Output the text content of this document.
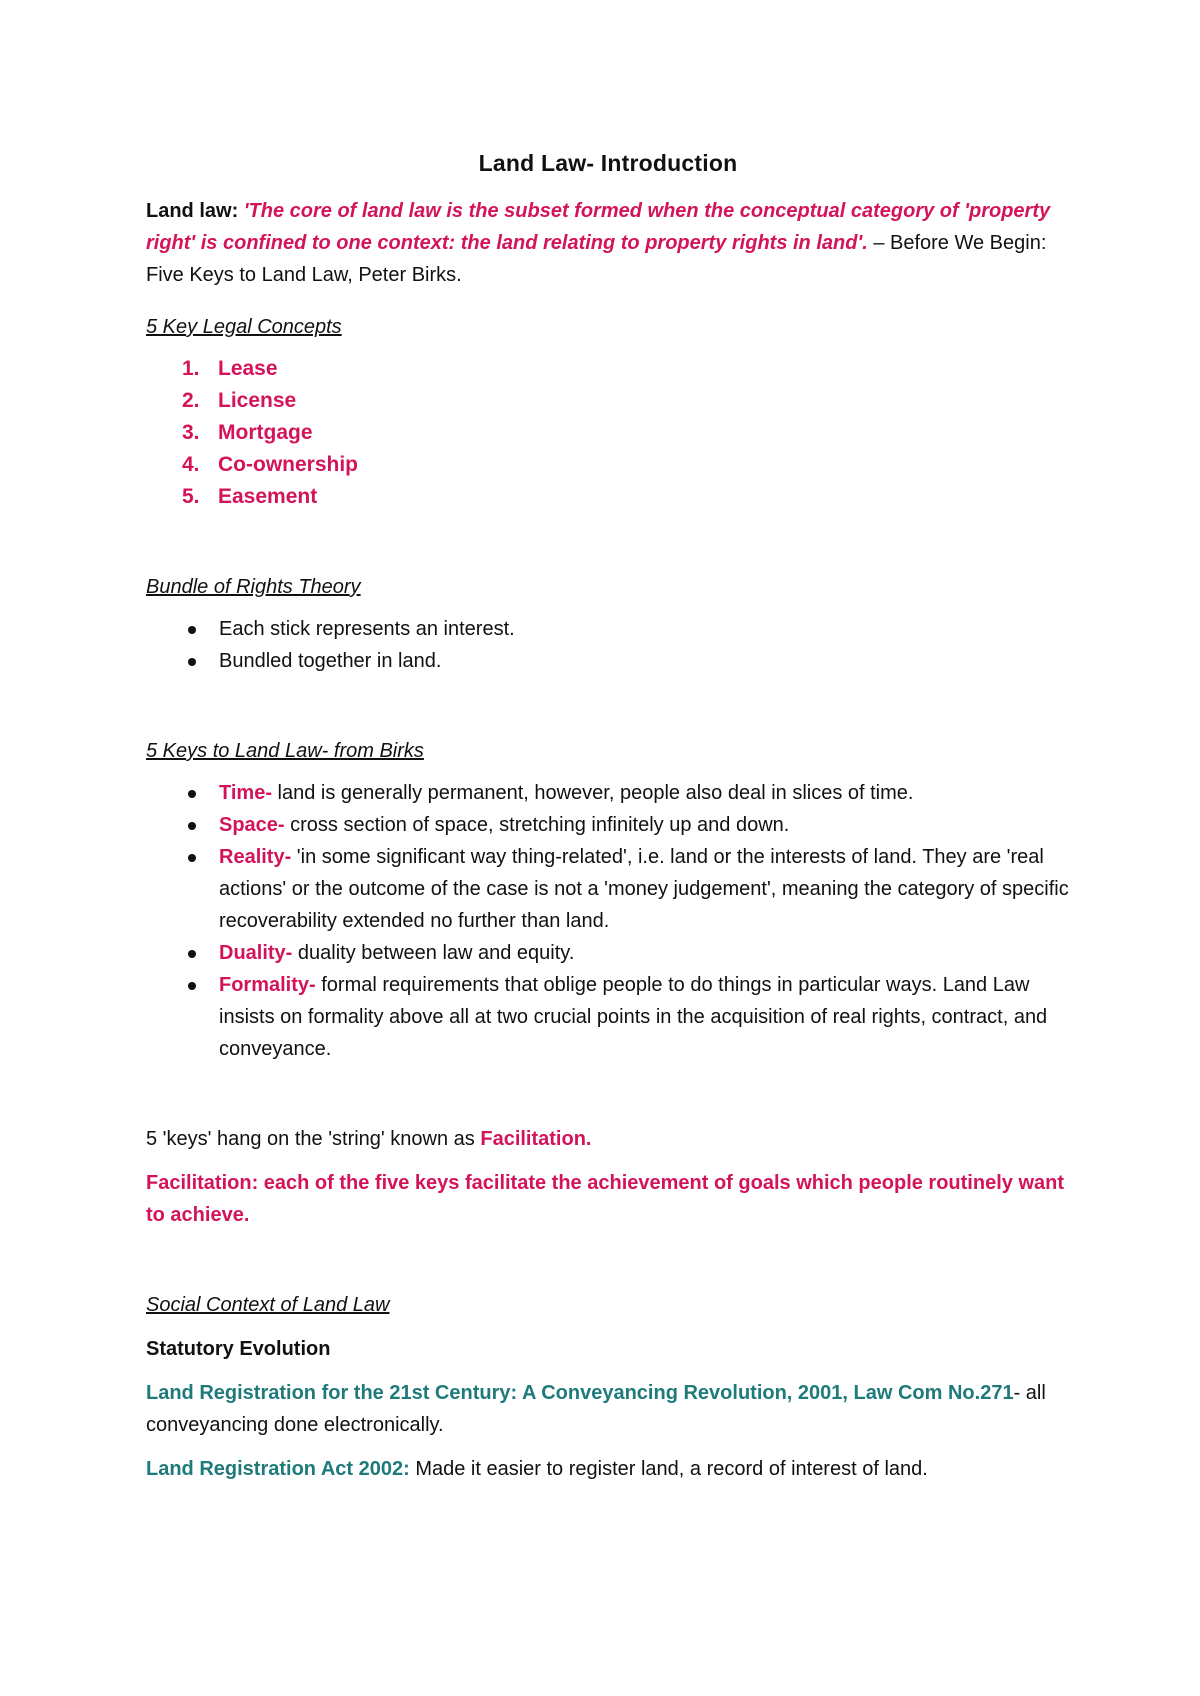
Land Law- Introduction

Land law: 'The core of land law is the subset formed when the conceptual category of 'property right' is confined to one context: the land relating to property rights in land'. – Before We Begin: Five Keys to Land Law, Peter Birks.

5 Key Legal Concepts

1. Lease
2. License
3. Mortgage
4. Co-ownership
5. Easement

Bundle of Rights Theory

Each stick represents an interest.
Bundled together in land.

5 Keys to Land Law- from Birks

Time- land is generally permanent, however, people also deal in slices of time.
Space- cross section of space, stretching infinitely up and down.
Reality- 'in some significant way thing-related', i.e. land or the interests of land. They are 'real actions' or the outcome of the case is not a 'money judgement', meaning the category of specific recoverability extended no further than land.
Duality- duality between law and equity.
Formality- formal requirements that oblige people to do things in particular ways. Land Law insists on formality above all at two crucial points in the acquisition of real rights, contract, and conveyance.

5 'keys' hang on the 'string' known as Facilitation.

Facilitation: each of the five keys facilitate the achievement of goals which people routinely want to achieve.

Social Context of Land Law

Statutory Evolution

Land Registration for the 21st Century: A Conveyancing Revolution, 2001, Law Com No.271- all conveyancing done electronically.

Land Registration Act 2002: Made it easier to register land, a record of interest of land.
